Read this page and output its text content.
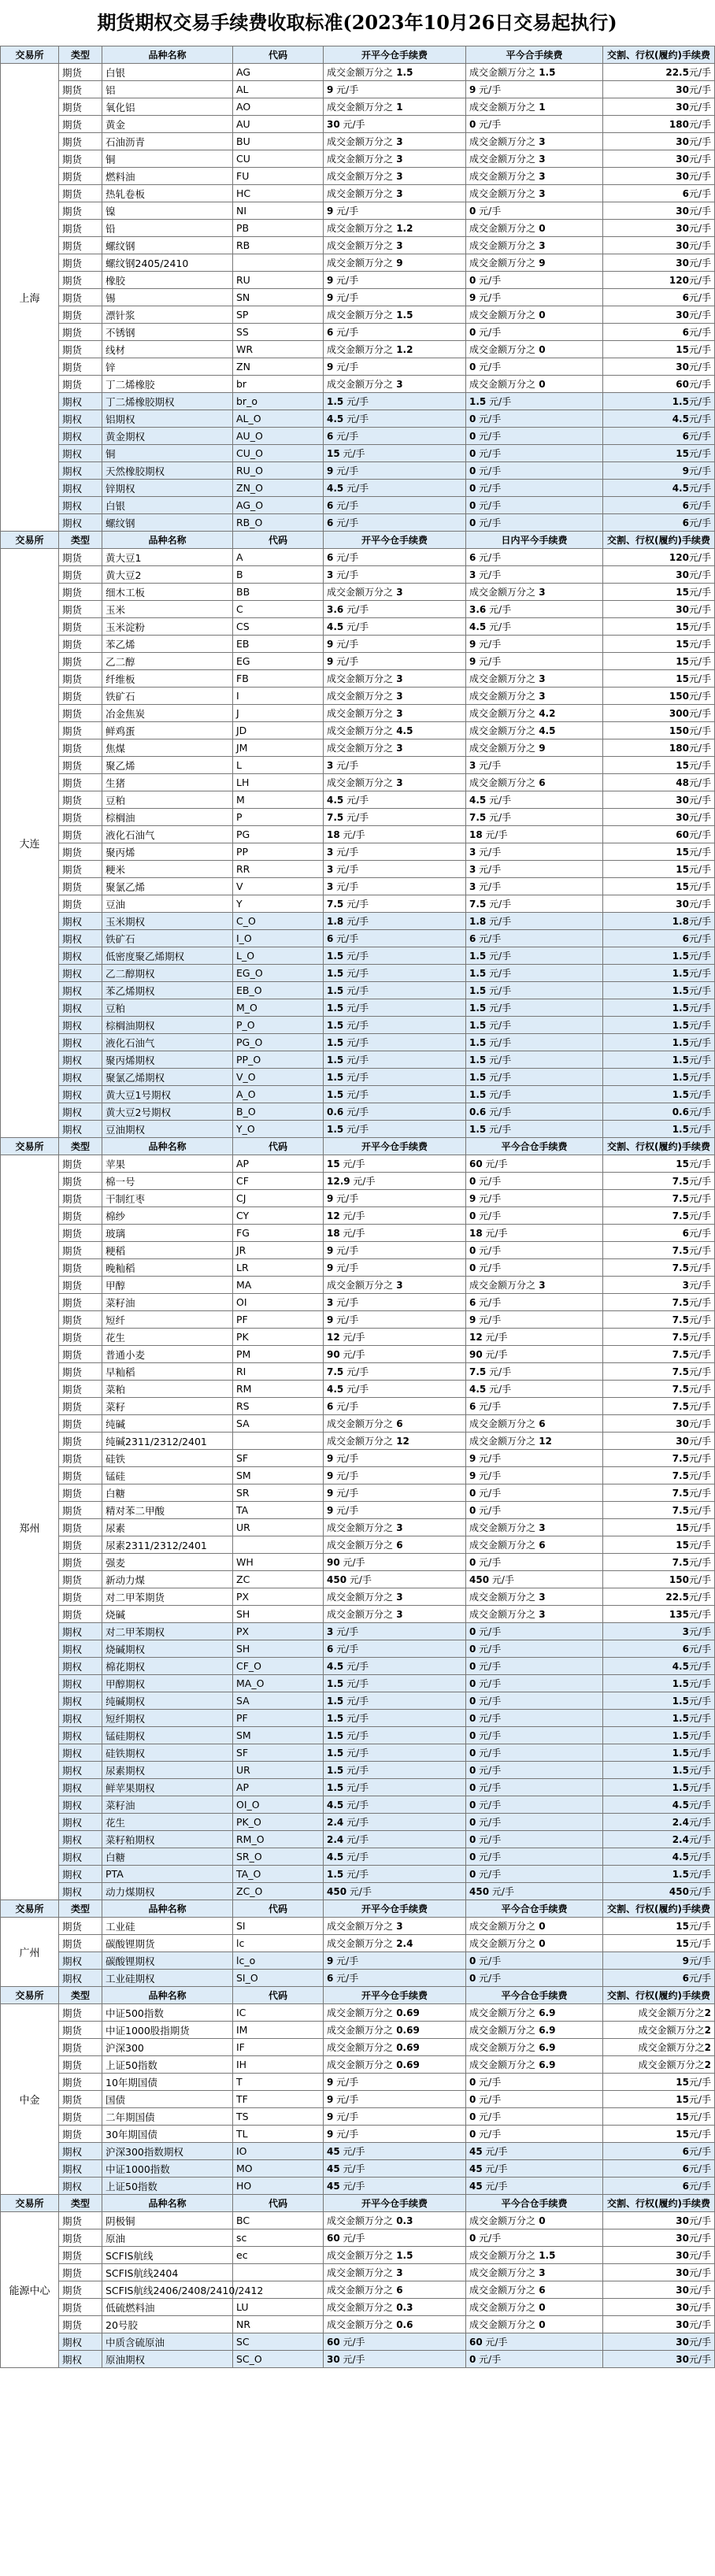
期货期权交易手续费收取标准(2023年10月26日交易起执行)
交易所	类型	品种名称	代码	开平今仓手续费	平今合手续费	交割、行权(履约)手续费
上海	期货	白银	AG	成交金额万分之 1.5	成交金额万分之 1.5	22.5元/手
	期货	铝	AL	9 元/手	9 元/手	30元/手
	期货	氧化铝	AO	成交金额万分之 1	成交金额万分之 1	30元/手
	期货	黄金	AU	30 元/手	0 元/手	180元/手
	期货	石油沥青	BU	成交金额万分之 3	成交金额万分之 3	30元/手
	期货	铜	CU	成交金额万分之 3	成交金额万分之 3	30元/手
	期货	燃料油	FU	成交金额万分之 3	成交金额万分之 3	30元/手
	期货	热轧卷板	HC	成交金额万分之 3	成交金额万分之 3	6元/手
	期货	镍	NI	9 元/手	0 元/手	30元/手
	期货	铅	PB	成交金额万分之 1.2	成交金额万分之 0	30元/手
	期货	螺纹钢	RB	成交金额万分之 3	成交金额万分之 3	30元/手
	期货	螺纹钢2405/2410		成交金额万分之 9	成交金额万分之 9	30元/手
	期货	橡胶	RU	9 元/手	0 元/手	120元/手
	期货	锡	SN	9 元/手	9 元/手	6元/手
	期货	漂针浆	SP	成交金额万分之 1.5	成交金额万分之 0	30元/手
	期货	不锈钢	SS	6 元/手	0 元/手	6元/手
	期货	线材	WR	成交金额万分之 1.2	成交金额万分之 0	15元/手
	期货	锌	ZN	9 元/手	0 元/手	30元/手
	期货	丁二烯橡胶	br	成交金额万分之 3	成交金额万分之 0	60元/手
	期权	丁二烯橡胶期权	br_o	1.5 元/手	1.5 元/手	1.5元/手
	期权	铝期权	AL_O	4.5 元/手	0 元/手	4.5元/手
	期权	黄金期权	AU_O	6 元/手	0 元/手	6元/手
	期权	铜	CU_O	15 元/手	0 元/手	15元/手
	期权	天然橡胶期权	RU_O	9 元/手	0 元/手	9元/手
	期权	锌期权	ZN_O	4.5 元/手	0 元/手	4.5元/手
	期权	白银	AG_O	6 元/手	0 元/手	6元/手
	期权	螺纹钢	RB_O	6 元/手	0 元/手	6元/手
交易所	类型	品种名称	代码	开平今仓手续费	日内平今手续费	交割、行权(履约)手续费
大连	期货	黄大豆1	A	6 元/手	6 元/手	120元/手
	期货	黄大豆2	B	3 元/手	3 元/手	30元/手
	期货	细木工板	BB	成交金额万分之 3	成交金额万分之 3	15元/手
	期货	玉米	C	3.6 元/手	3.6 元/手	30元/手
	期货	玉米淀粉	CS	4.5 元/手	4.5 元/手	15元/手
	期货	苯乙烯	EB	9 元/手	9 元/手	15元/手
	期货	乙二醇	EG	9 元/手	9 元/手	15元/手
	期货	纤维板	FB	成交金额万分之 3	成交金额万分之 3	15元/手
	期货	铁矿石	I	成交金额万分之 3	成交金额万分之 3	150元/手
	期货	冶金焦炭	J	成交金额万分之 3	成交金额万分之 4.2	300元/手
	期货	鲜鸡蛋	JD	成交金额万分之 4.5	成交金额万分之 4.5	150元/手
	期货	焦煤	JM	成交金额万分之 3	成交金额万分之 9	180元/手
	期货	聚乙烯	L	3 元/手	3 元/手	15元/手
	期货	生猪	LH	成交金额万分之 3	成交金额万分之 6	48元/手
	期货	豆粕	M	4.5 元/手	4.5 元/手	30元/手
	期货	棕榈油	P	7.5 元/手	7.5 元/手	30元/手
	期货	液化石油气	PG	18 元/手	18 元/手	60元/手
	期货	聚丙烯	PP	3 元/手	3 元/手	15元/手
	期货	粳米	RR	3 元/手	3 元/手	15元/手
	期货	聚氯乙烯	V	3 元/手	3 元/手	15元/手
	期货	豆油	Y	7.5 元/手	7.5 元/手	30元/手
	期权	玉米期权	C_O	1.8 元/手	1.8 元/手	1.8元/手
	期权	铁矿石	I_O	6 元/手	6 元/手	6元/手
	期权	低密度聚乙烯期权	L_O	1.5 元/手	1.5 元/手	1.5元/手
	期权	乙二醇期权	EG_O	1.5 元/手	1.5 元/手	1.5元/手
	期权	苯乙烯期权	EB_O	1.5 元/手	1.5 元/手	1.5元/手
	期权	豆粕	M_O	1.5 元/手	1.5 元/手	1.5元/手
	期权	棕榈油期权	P_O	1.5 元/手	1.5 元/手	1.5元/手
	期权	液化石油气	PG_O	1.5 元/手	1.5 元/手	1.5元/手
	期权	聚丙烯期权	PP_O	1.5 元/手	1.5 元/手	1.5元/手
	期权	聚氯乙烯期权	V_O	1.5 元/手	1.5 元/手	1.5元/手
	期权	黄大豆1号期权	A_O	1.5 元/手	1.5 元/手	1.5元/手
	期权	黄大豆2号期权	B_O	0.6 元/手	0.6 元/手	0.6元/手
	期权	豆油期权	Y_O	1.5 元/手	1.5 元/手	1.5元/手
交易所	类型	品种名称	代码	开平今仓手续费	平今合仓手续费	交割、行权(履约)手续费
郑州	期货	苹果	AP	15 元/手	60 元/手	15元/手
	期货	棉一号	CF	12.9 元/手	0 元/手	7.5元/手
	期货	干制红枣	CJ	9 元/手	9 元/手	7.5元/手
	期货	棉纱	CY	12 元/手	0 元/手	7.5元/手
	期货	玻璃	FG	18 元/手	18 元/手	6元/手
	期货	粳稻	JR	9 元/手	0 元/手	7.5元/手
	期货	晚籼稻	LR	9 元/手	0 元/手	7.5元/手
	期货	甲醇	MA	成交金额万分之 3	成交金额万分之 3	3元/手
	期货	菜籽油	OI	3 元/手	6 元/手	7.5元/手
	期货	短纤	PF	9 元/手	9 元/手	7.5元/手
	期货	花生	PK	12 元/手	12 元/手	7.5元/手
	期货	普通小麦	PM	90 元/手	90 元/手	7.5元/手
	期货	早籼稻	RI	7.5 元/手	7.5 元/手	7.5元/手
	期货	菜粕	RM	4.5 元/手	4.5 元/手	7.5元/手
	期货	菜籽	RS	6 元/手	6 元/手	7.5元/手
	期货	纯碱	SA	成交金额万分之 6	成交金额万分之 6	30元/手
	期货	纯碱2311/2312/2401		成交金额万分之 12	成交金额万分之 12	30元/手
	期货	硅铁	SF	9 元/手	9 元/手	7.5元/手
	期货	锰硅	SM	9 元/手	9 元/手	7.5元/手
	期货	白糖	SR	9 元/手	0 元/手	7.5元/手
	期货	精对苯二甲酸	TA	9 元/手	0 元/手	7.5元/手
	期货	尿素	UR	成交金额万分之 3	成交金额万分之 3	15元/手
	期货	尿素2311/2312/2401		成交金额万分之 6	成交金额万分之 6	15元/手
	期货	强麦	WH	90 元/手	0 元/手	7.5元/手
	期货	新动力煤	ZC	450 元/手	450 元/手	150元/手
	期货	对二甲苯期货	PX	成交金额万分之 3	成交金额万分之 3	22.5元/手
	期货	烧碱	SH	成交金额万分之 3	成交金额万分之 3	135元/手
	期权	对二甲苯期权	PX	3 元/手	0 元/手	3元/手
	期权	烧碱期权	SH	6 元/手	0 元/手	6元/手
	期权	棉花期权	CF_O	4.5 元/手	0 元/手	4.5元/手
	期权	甲醇期权	MA_O	1.5 元/手	0 元/手	1.5元/手
	期权	纯碱期权	SA	1.5 元/手	0 元/手	1.5元/手
	期权	短纤期权	PF	1.5 元/手	0 元/手	1.5元/手
	期权	锰硅期权	SM	1.5 元/手	0 元/手	1.5元/手
	期权	硅铁期权	SF	1.5 元/手	0 元/手	1.5元/手
	期权	尿素期权	UR	1.5 元/手	0 元/手	1.5元/手
	期权	鲜苹果期权	AP	1.5 元/手	0 元/手	1.5元/手
	期权	菜籽油	OI_O	4.5 元/手	0 元/手	4.5元/手
	期权	花生	PK_O	2.4 元/手	0 元/手	2.4元/手
	期权	菜籽粕期权	RM_O	2.4 元/手	0 元/手	2.4元/手
	期权	白糖	SR_O	4.5 元/手	0 元/手	4.5元/手
	期权	PTA	TA_O	1.5 元/手	0 元/手	1.5元/手
	期权	动力煤期权	ZC_O	450 元/手	450 元/手	450元/手
交易所	类型	品种名称	代码	开平今仓手续费	平今合仓手续费	交割、行权(履约)手续费
广州	期货	工业硅	SI	成交金额万分之 3	成交金额万分之 0	15元/手
	期货	碳酸锂期货	lc	成交金额万分之 2.4	成交金额万分之 0	15元/手
	期权	碳酸锂期权	lc_o	9 元/手	0 元/手	9元/手
	期权	工业硅期权	SI_O	6 元/手	0 元/手	6元/手
交易所	类型	品种名称	代码	开平今仓手续费	平今合仓手续费	交割、行权(履约)手续费
中金	期货	中证500指数	IC	成交金额万分之 0.69	成交金额万分之 6.9	成交金额万分之2
	期货	中证1000股指期货	IM	成交金额万分之 0.69	成交金额万分之 6.9	成交金额万分之2
	期货	沪深300	IF	成交金额万分之 0.69	成交金额万分之 6.9	成交金额万分之2
	期货	上证50指数	IH	成交金额万分之 0.69	成交金额万分之 6.9	成交金额万分之2
	期货	10年期国债	T	9 元/手	0 元/手	15元/手
	期货	国债	TF	9 元/手	0 元/手	15元/手
	期货	二年期国债	TS	9 元/手	0 元/手	15元/手
	期货	30年期国债	TL	9 元/手	0 元/手	15元/手
	期权	沪深300指数期权	IO	45 元/手	45 元/手	6元/手
	期权	中证1000指数	MO	45 元/手	45 元/手	6元/手
	期权	上证50指数	HO	45 元/手	45 元/手	6元/手
交易所	类型	品种名称	代码	开平今仓手续费	平今合仓手续费	交割、行权(履约)手续费
能源中心	期货	阴极铜	BC	成交金额万分之 0.3	成交金额万分之 0	30元/手
	期货	原油	sc	60 元/手	0 元/手	30元/手
	期货	SCFIS航线	ec	成交金额万分之 1.5	成交金额万分之 1.5	30元/手
	期货	SCFIS航线2404		成交金额万分之 3	成交金额万分之 3	30元/手
	期货	SCFIS航线2406/2408/2410/2412		成交金额万分之 6	成交金额万分之 6	30元/手
	期货	低硫燃料油	LU	成交金额万分之 0.3	成交金额万分之 0	30元/手
	期货	20号胶	NR	成交金额万分之 0.6	成交金额万分之 0	30元/手
	期权	中质含硫原油	SC	60 元/手	60 元/手	30元/手
	期权	原油期权	SC_O	30 元/手	0 元/手	30元/手
